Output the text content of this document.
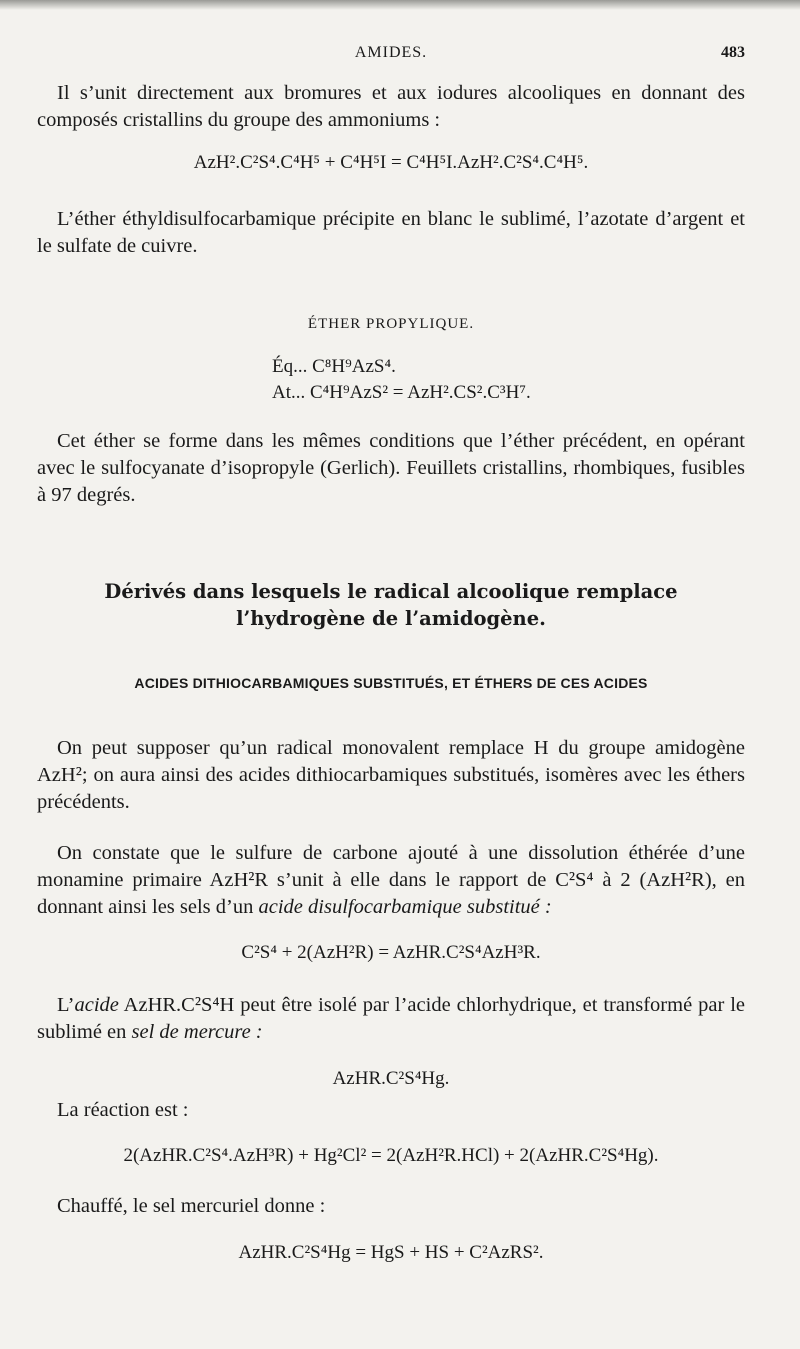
AMIDES.	483
Il s’unit directement aux bromures et aux iodures alcooliques en donnant des composés cristallins du groupe des ammoniums :
AzH².C²S⁴.C⁴H⁵ + C⁴H⁵I = C⁴H⁵I.AzH².C²S⁴.C⁴H⁵.
L’éther éthyldisulfocarbamique précipite en blanc le sublimé, l’azotate d’argent et le sulfate de cuivre.
ÉTHER PROPYLIQUE.
Éq... C⁸H⁹AzS⁴.
At... C⁴H⁹AzS² = AzH².CS².C³H⁷.
Cet éther se forme dans les mêmes conditions que l’éther précédent, en opérant avec le sulfocyanate d’isopropyle (Gerlich). Feuillets cristallins, rhombiques, fusibles à 97 degrés.
Dérivés dans lesquels le radical alcoolique remplace
l’hydrogène de l’amidogène.
ACIDES DITHIOCARBAMIQUES SUBSTITUÉS, ET ÉTHERS DE CES ACIDES
On peut supposer qu’un radical monovalent remplace H du groupe amidogène AzH²; on aura ainsi des acides dithiocarbamiques substitués, isomères avec les éthers précédents.
On constate que le sulfure de carbone ajouté à une dissolution éthérée d’une monamine primaire AzH²R s’unit à elle dans le rapport de C²S⁴ à 2 (AzH²R), en donnant ainsi les sels d’un acide disulfocarbamique substitué :
C²S⁴ + 2(AzH²R) = AzHR.C²S⁴AzH³R.
L’acide AzHR.C²S⁴H peut être isolé par l’acide chlorhydrique, et transformé par le sublimé en sel de mercure :
AzHR.C²S⁴Hg.
La réaction est :
2(AzHR.C²S⁴.AzH³R) + Hg²Cl² = 2(AzH²R.HCl) + 2(AzHR.C²S⁴Hg).
Chauffé, le sel mercuriel donne :
AzHR.C²S⁴Hg = HgS + HS + C²AzRS².
